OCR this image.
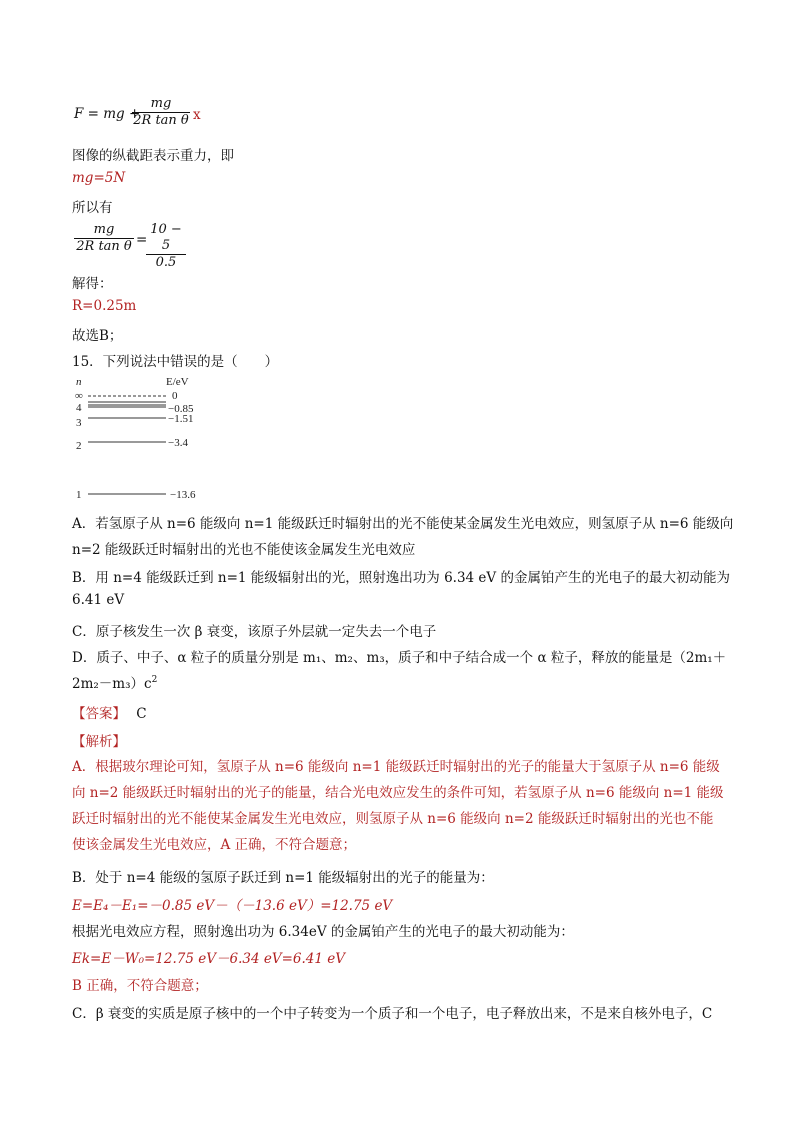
F = mg +
mg
2R tan θ x
图像的纵截距表示重力，即
mg=5N
所以有
mg
2R tan θ =
10 − 5
0.5
解得：
R=0.25m
故选B；
15．下列说法中错误的是（　　）
n	E/eV
∞	0
4	−0.85
3	−1.51
2	−3.4
1	−13.6
A．若氢原子从 n=6 能级向 n=1 能级跃迁时辐射出的光不能使某金属发生光电效应，则氢原子从 n=6 能级向
n=2 能级跃迁时辐射出的光也不能使该金属发生光电效应
B．用 n=4 能级跃迁到 n=1 能级辐射出的光，照射逸出功为 6.34 eV 的金属铂产生的光电子的最大初动能为
6.41 eV
C．原子核发生一次 β 衰变，该原子外层就一定失去一个电子
D．质子、中子、α 粒子的质量分别是 m₁、m₂、m₃，质子和中子结合成一个 α 粒子，释放的能量是（2m₁＋
$2m_2-m_3)c^2$
【答案】 C
【解析】
A．根据玻尔理论可知，氢原子从 n=6 能级向 n=1 能级跃迁时辐射出的光子的能量大于氢原子从 n=6 能级向 n=2 能级跃迁时辐射出的光子的能量，结合光电效应发生的条件可知，若氢原子从 n=6 能级向 n=1 能级跃迁时辐射出的光不能使某金属发生光电效应，则氢原子从 n=6 能级向 n=2 能级跃迁时辐射出的光也不能使该金属发生光电效应，A 正确，不符合题意；
B．处于 n=4 能级的氢原子跃迁到 n=1 能级辐射出的光子的能量为：
E=E₄－E₁=－0.85 eV－（－13.6 eV）=12.75 eV
根据光电效应方程，照射逸出功为 6.34eV 的金属铂产生的光电子的最大初动能为：
Ek=E－W₀=12.75 eV－6.34 eV=6.41 eV
B 正确，不符合题意；
C．β 衰变的实质是原子核中的一个中子转变为一个质子和一个电子，电子释放出来，不是来自核外电子，C
